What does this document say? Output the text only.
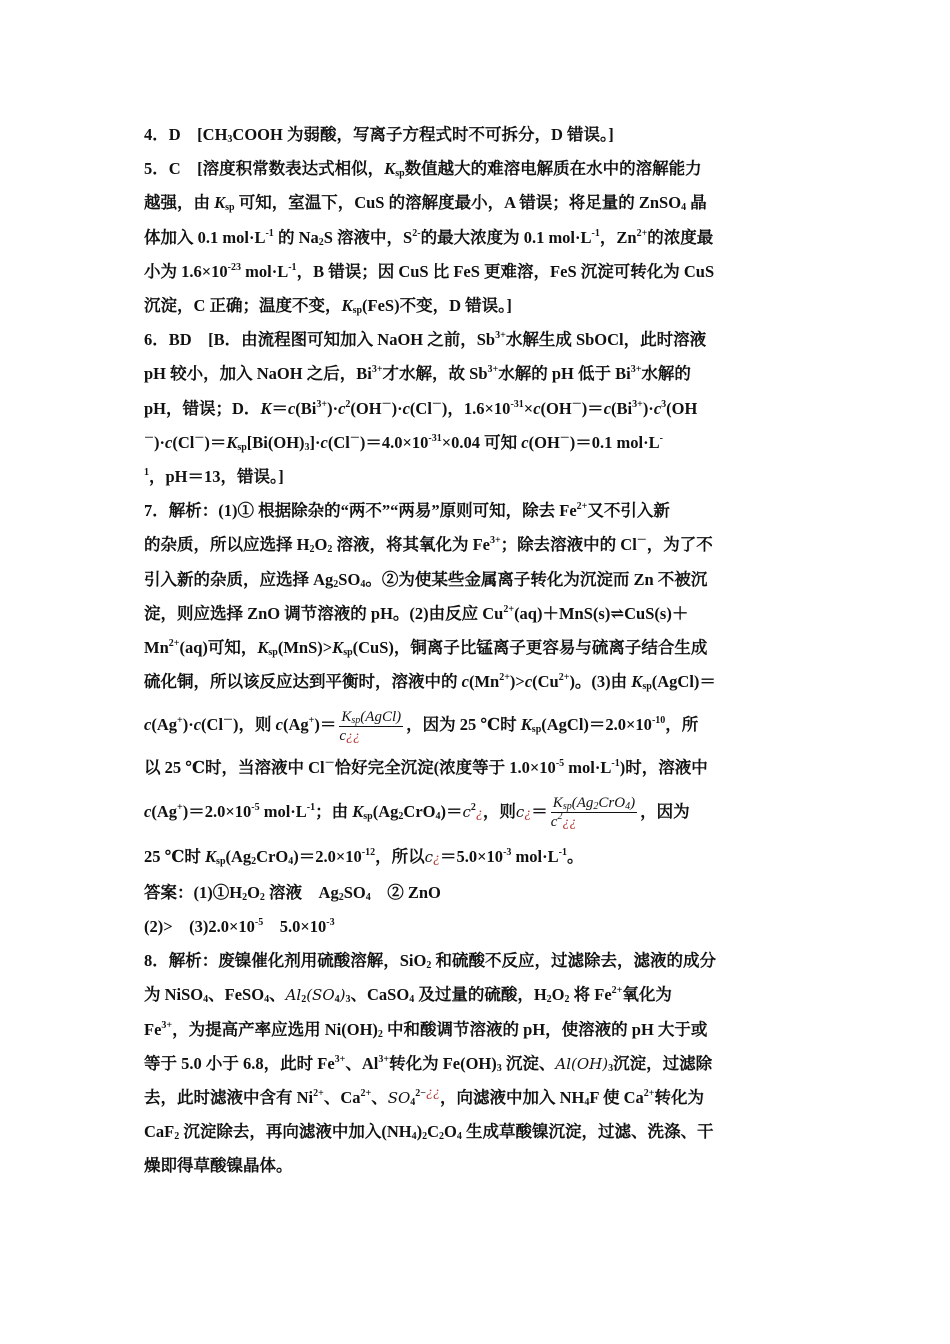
4．D　[$CH_3COOH$ 为弱酸，写离子方程式时不可拆分，D 错误。]

5．C　[溶度积常数表达式相似，$K_{sp}$数值越大的难溶电解质在水中的溶解能力
越强，由 $K_{sp}$ 可知，室温下，CuS 的溶解度最小，A 错误；将足量的 ZnSO$_4$ 晶
体加入 0.1 $mol\cdot L^{-1}$ 的 $Na_2S$ 溶液中，$S^{2-}$的最大浓度为 0.1 $mol\cdot L^{-1}$，$Zn^{2+}$的浓度最
小为 $1.6\times 10^{-23}$ $mol\cdot L^{-1}$，B 错误；因 CuS 比 FeS 更难溶，FeS 沉淀可转化为 CuS
沉淀，C 正确；温度不变，$K_{sp}(FeS)$不变，D 错误。]

6．BD　[B．由流程图可知加入 NaOH 之前，$Sb^{3+}$水解生成 SbOCl，此时溶液
pH 较小，加入 NaOH 之后，$Bi^{3+}$才水解，故 $Sb^{3+}$水解的 pH 低于 $Bi^{3+}$水解的
pH，错误；D．$K=c(Bi^{3+})\cdot c^2(OH^-)\cdot c(Cl^-)$，$1.6\times 10^{-31}\times c(OH^-)=c(Bi^{3+})\cdot c^3(OH$
$^-)\cdot c(Cl^-)=K_{sp}[Bi(OH)_3]\cdot c(Cl^-)=4.0\times 10^{-31}\times 0.04$ 可知 c(OH－)＝0.1 mol·L-
$^1$，pH＝13，错误。]

7．解析：(1)① 根据除杂的“两不”“两易”原则可知，除去 $Fe^{2+}$又不引入新
的杂质，所以应选择 $H_2O_2$ 溶液，将其氧化为 $Fe^{3+}$；除去溶液中的 Cl－，为了不
引入新的杂质，应选择 $Ag_2SO_4$。②为使某些金属离子转化为沉淀而 Zn 不被沉
淀，则应选择 ZnO 调节溶液的 pH。(2)由反应 $Cu^{2+}(aq)+MnS(s)\rightleftharpoons CuS(s)+$
$Mn^{2+}(aq)$可知，$K_{sp}(MnS)>K_{sp}(CuS)$，铜离子比锰离子更容易与硫离子结合生成
硫化铜，所以该反应达到平衡时，溶液中的 $c(Mn^{2+})>c(Cu^{2+})$。(3)由 $K_{sp}(AgCl)=$
c(Ag+)·c(Cl－)，则 $c(Ag^+)= \frac{K_{sp}(AgCl)}{c¿¿}$ ，因为 25 ℃时 $K_{sp}(AgCl)=2.0\times 10^{-10}$，所
以 25 ℃时，当溶液中 Cl－恰好完全沉淀(浓度等于 $1.0\times 10^{-5}$ $mol\cdot L^{-1}$)时，溶液中
$c(Ag^+)=2.0\times 10^{-5}$ $mol\cdot L^{-1}$；由 $K_{sp}(Ag_2CrO_4)=c^2¿$，则c¿＝ $\frac{K_{sp}(Ag_2CrO_4)}{c^2¿¿}$ ，因为
25 ℃时 $K_{sp}(Ag_2CrO_4)=2.0\times 10^{-12}$，所以$c¿=5.0\times 10^{-3}$ $mol\cdot L^{-1}$。

答案：$(1)①H_2O_2$ 溶液　$Ag_2SO_4$　② ZnO
(2)>　$(3)2.0\times 10^{-5}$　$5.0\times 10^{-3}$

8．解析：废镍催化剂用硫酸溶解，SiO$_2$ 和硫酸不反应，过滤除去，滤液的成分
为 NiSO$_4$、FeSO$_4$、$Al_2(SO_4)_3$、CaSO$_4$ 及过量的硫酸，$H_2O_2$ 将 $Fe^{2+}$氧化为
$Fe^{3+}$，为提高产率应选用 $Ni(OH)_2$ 中和酸调节溶液的 pH，使溶液的 pH 大于或
等于 5.0 小于 6.8，此时 $Fe^{3+}$、$Al^{3+}$转化为 $Fe(OH)_3$ 沉淀、$Al(OH)_3$沉淀，过滤除
去，此时滤液中含有 $Ni^{2+}$、$Ca^{2+}$、$SO_4^{2-¿¿}$，向滤液中加入 $NH_4F$ 使 $Ca^{2+}$转化为
CaF$_2$ 沉淀除去，再向滤液中加入$(NH_4)_2C_2O_4$ 生成草酸镍沉淀，过滤、洗涤、干
燥即得草酸镍晶体。
